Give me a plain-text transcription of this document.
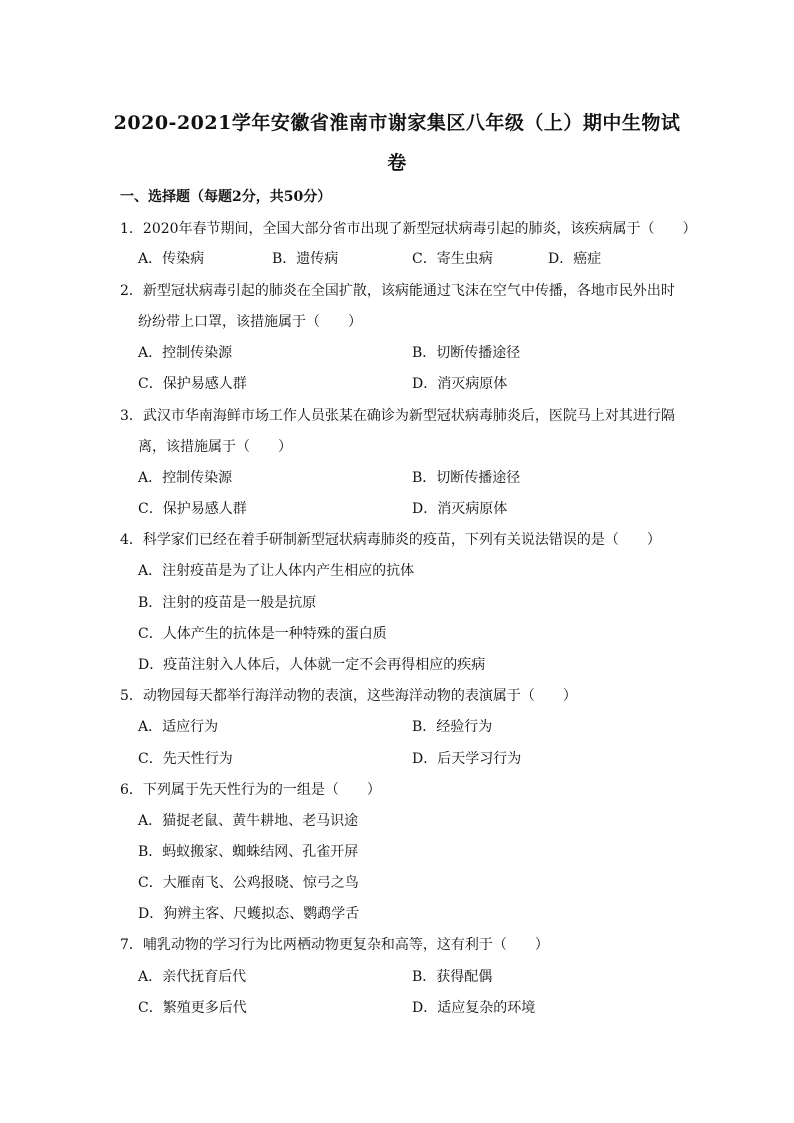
2020-2021学年安徽省淮南市谢家集区八年级（上）期中生物试
卷
一、选择题（每题2分，共50分）
1．2020年春节期间，全国大部分省市出现了新型冠状病毒引起的肺炎，该疾病属于（　　）
A．传染病	B．遗传病	C．寄生虫病	D．癌症
2．新型冠状病毒引起的肺炎在全国扩散，该病能通过飞沫在空气中传播，各地市民外出时
纷纷带上口罩，该措施属于（　　）
A．控制传染源	B．切断传播途径
C．保护易感人群	D．消灭病原体
3．武汉市华南海鲜市场工作人员张某在确诊为新型冠状病毒肺炎后，医院马上对其进行隔
离，该措施属于（　　）
A．控制传染源	B．切断传播途径
C．保护易感人群	D．消灭病原体
4．科学家们已经在着手研制新型冠状病毒肺炎的疫苗，下列有关说法错误的是（　　）
A．注射疫苗是为了让人体内产生相应的抗体
B．注射的疫苗是一般是抗原
C．人体产生的抗体是一种特殊的蛋白质
D．疫苗注射入人体后，人体就一定不会再得相应的疾病
5．动物园每天都举行海洋动物的表演，这些海洋动物的表演属于（　　）
A．适应行为	B．经验行为
C．先天性行为	D．后天学习行为
6．下列属于先天性行为的一组是（　　）
A．猫捉老鼠、黄牛耕地、老马识途
B．蚂蚁搬家、蜘蛛结网、孔雀开屏
C．大雁南飞、公鸡报晓、惊弓之鸟
D．狗辨主客、尺蠖拟态、鹦鹉学舌
7．哺乳动物的学习行为比两栖动物更复杂和高等，这有利于（　　）
A．亲代抚育后代	B．获得配偶
C．繁殖更多后代	D．适应复杂的环境
